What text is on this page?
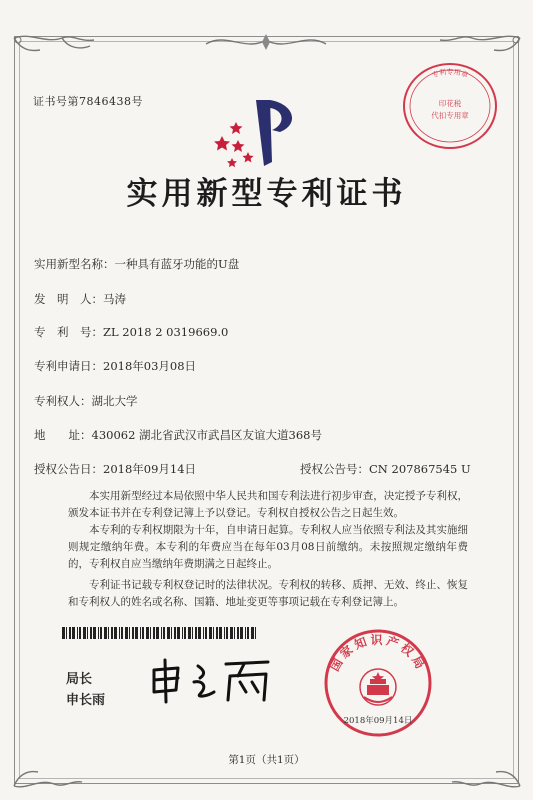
证书号第7846438号
实用新型专利证书
实用新型名称：一种具有蓝牙功能的U盘
发　明　人：马涛
专　利　号：ZL 2018 2 0319669.0
专利申请日：2018年03月08日
专利权人：湖北大学
地　　址：430062 湖北省武汉市武昌区友谊大道368号
授权公告日：2018年09月14日	授权公告号：CN 207867545 U

本实用新型经过本局依照中华人民共和国专利法进行初步审查，决定授予专利权，颁发本证书并在专利登记簿上予以登记。专利权自授权公告之日起生效。

本专利的专利权期限为十年，自申请日起算。专利权人应当依照专利法及其实施细则规定缴纳年费。本专利的年费应当在每年03月08日前缴纳。未按照规定缴纳年费的，专利权自应当缴纳年费期满之日起终止。

专利证书记载专利权登记时的法律状况。专利权的转移、质押、无效、终止、恢复和专利权人的姓名或名称、国籍、地址变更等事项记载在专利登记簿上。

局长
申长雨
专利专用章
印花税
代扣专用章
国家知识产权局
2018年09月14日
第1页（共1页）
